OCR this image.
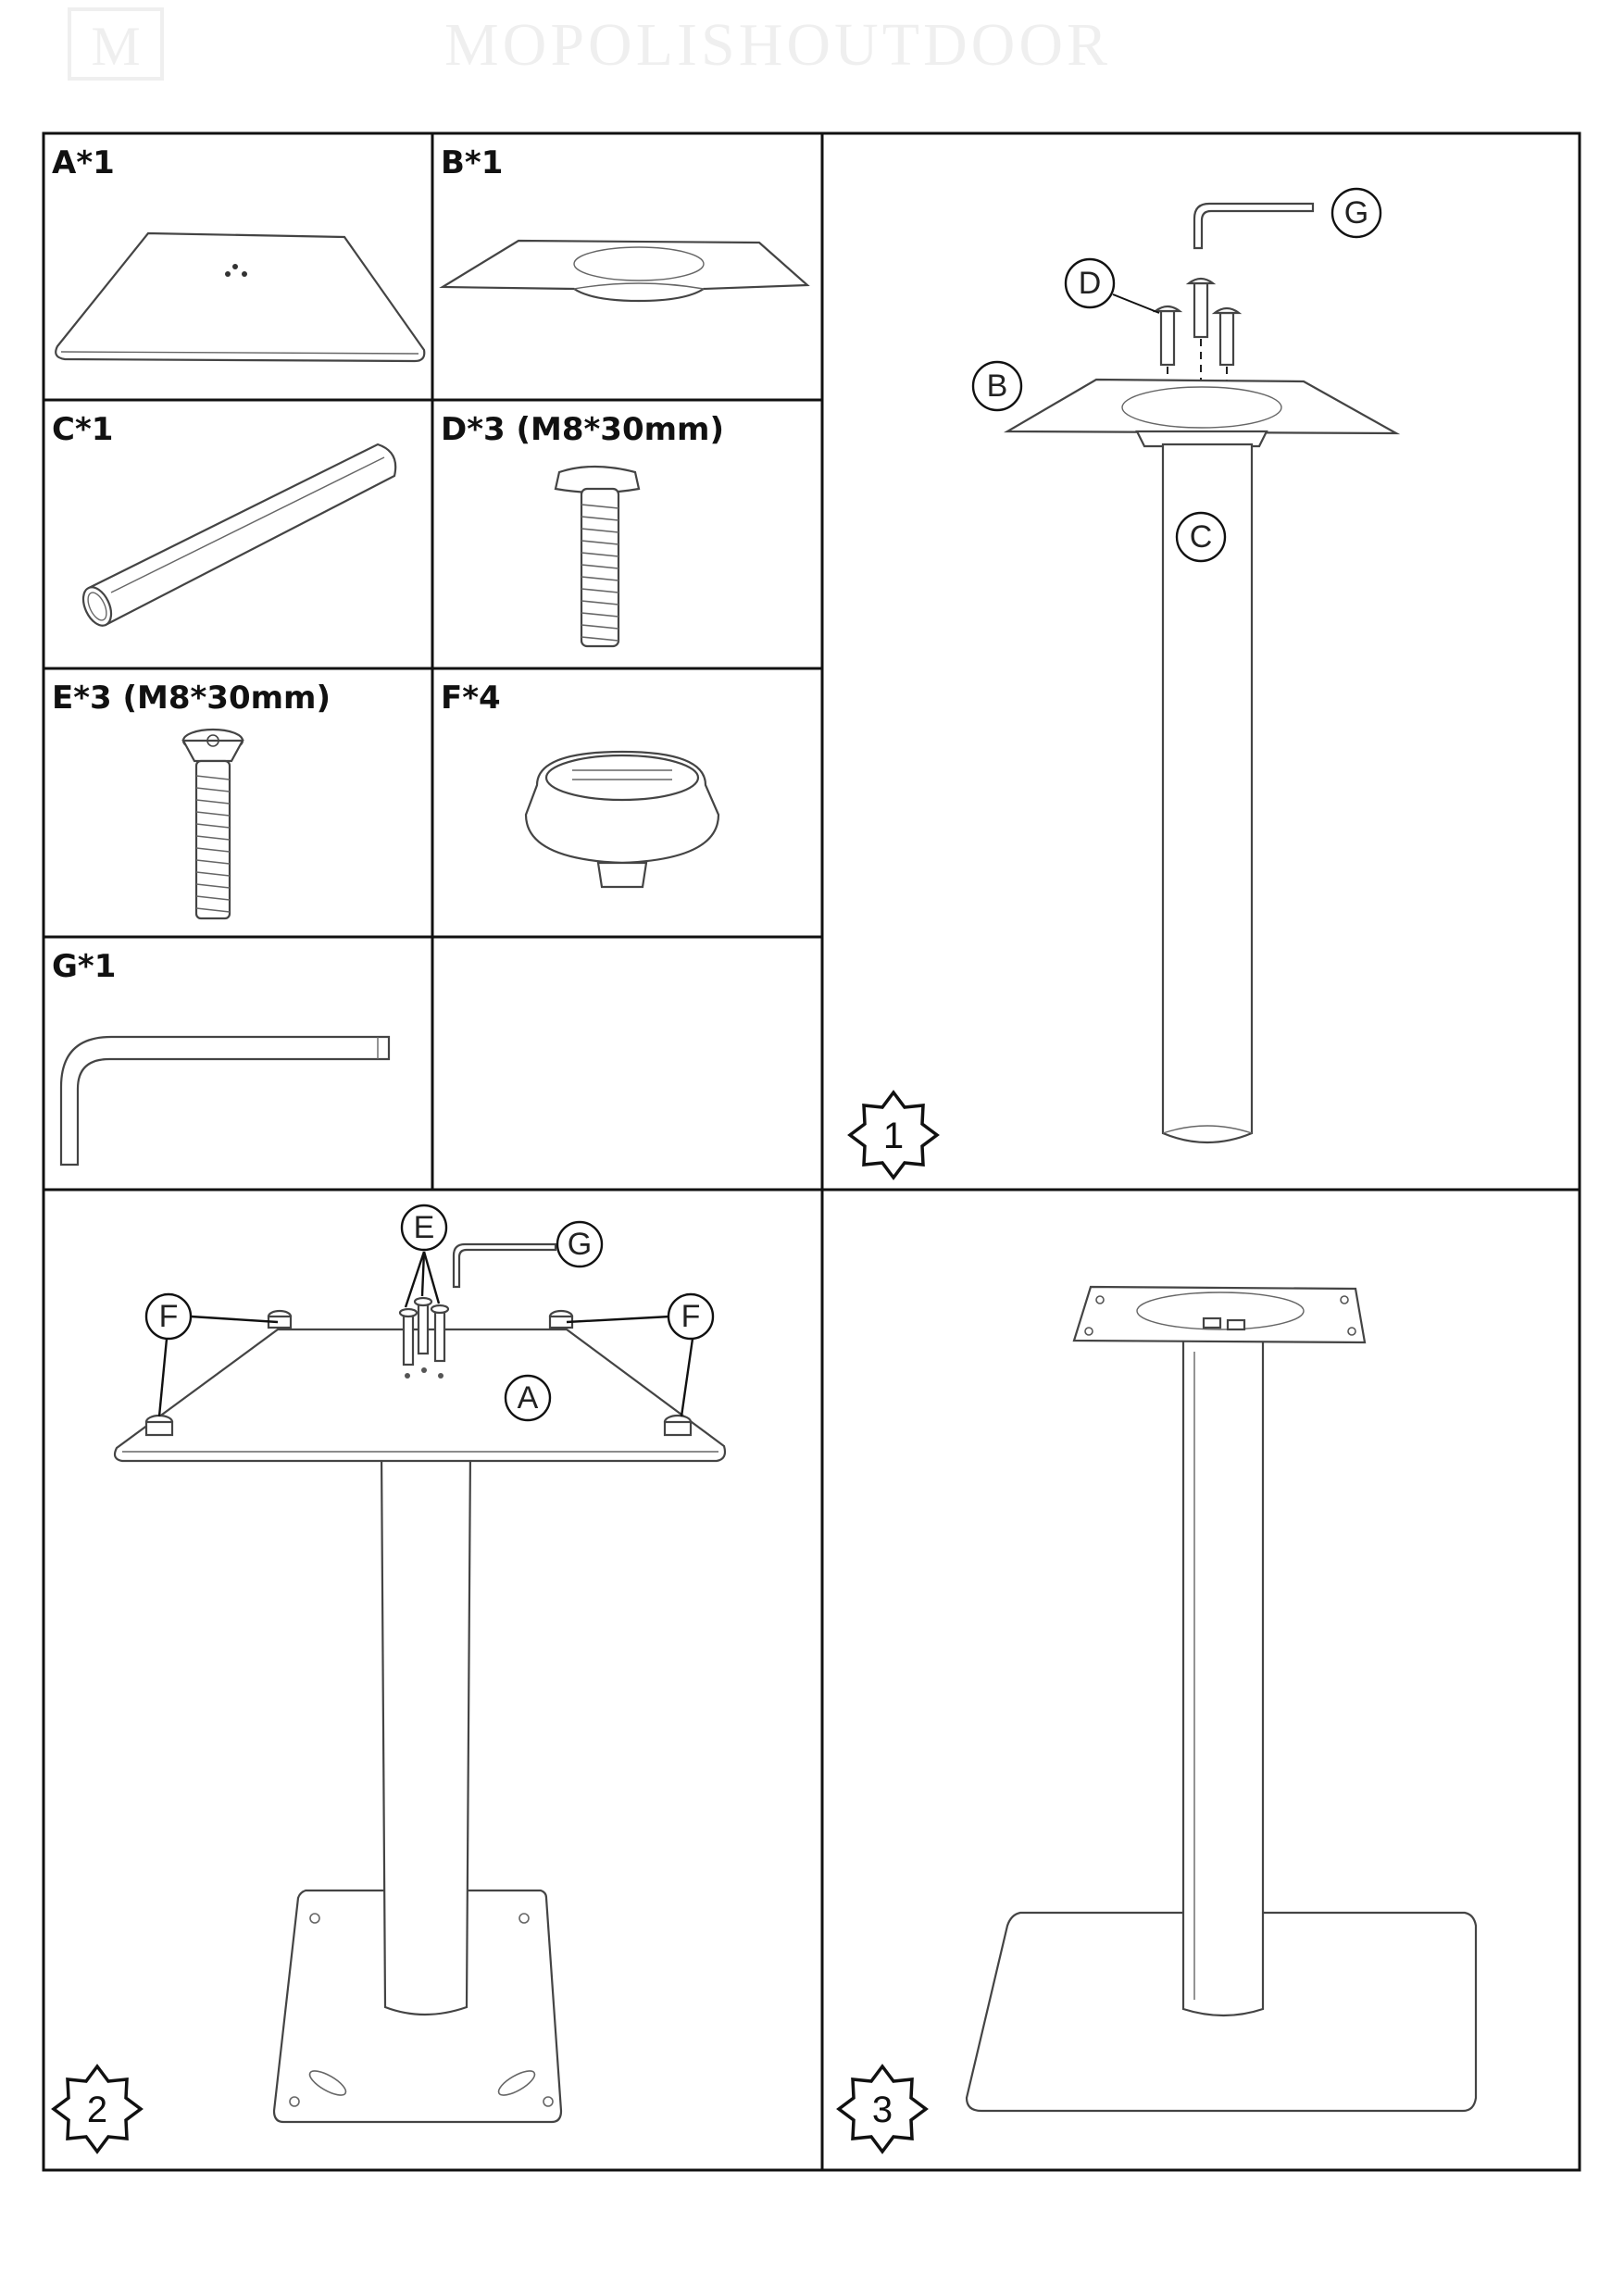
M	MOPOLISHOUTDOOR
A*1	B*1
C*1	D*3 (M8*30mm)
E*3 (M8*30mm)	F*4
G*1
G
D
B
C
1
E	G
F	F
A
2	3
